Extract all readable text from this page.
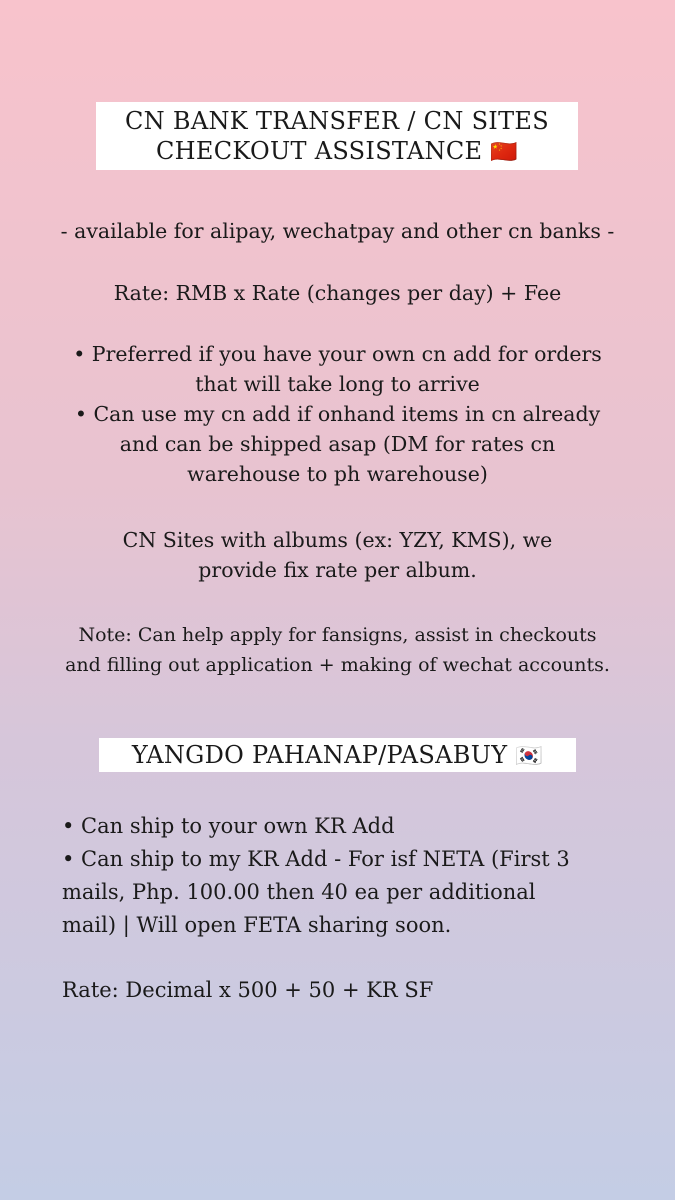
CN BANK TRANSFER / CN SITES
CHECKOUT ASSISTANCE 🇨🇳
- available for alipay, wechatpay and other cn banks -
Rate: RMB x Rate (changes per day) + Fee
• Preferred if you have your own cn add for orders
that will take long to arrive
• Can use my cn add if onhand items in cn already
and can be shipped asap (DM for rates cn
warehouse to ph warehouse)
CN Sites with albums (ex: YZY, KMS), we
provide fix rate per album.
Note: Can help apply for fansigns, assist in checkouts
and filling out application + making of wechat accounts.
YANGDO PAHANAP/PASABUY 🇰🇷
• Can ship to your own KR Add
• Can ship to my KR Add - For isf NETA (First 3
mails, Php. 100.00 then 40 ea per additional
mail) | Will open FETA sharing soon.
Rate: Decimal x 500 + 50 + KR SF
